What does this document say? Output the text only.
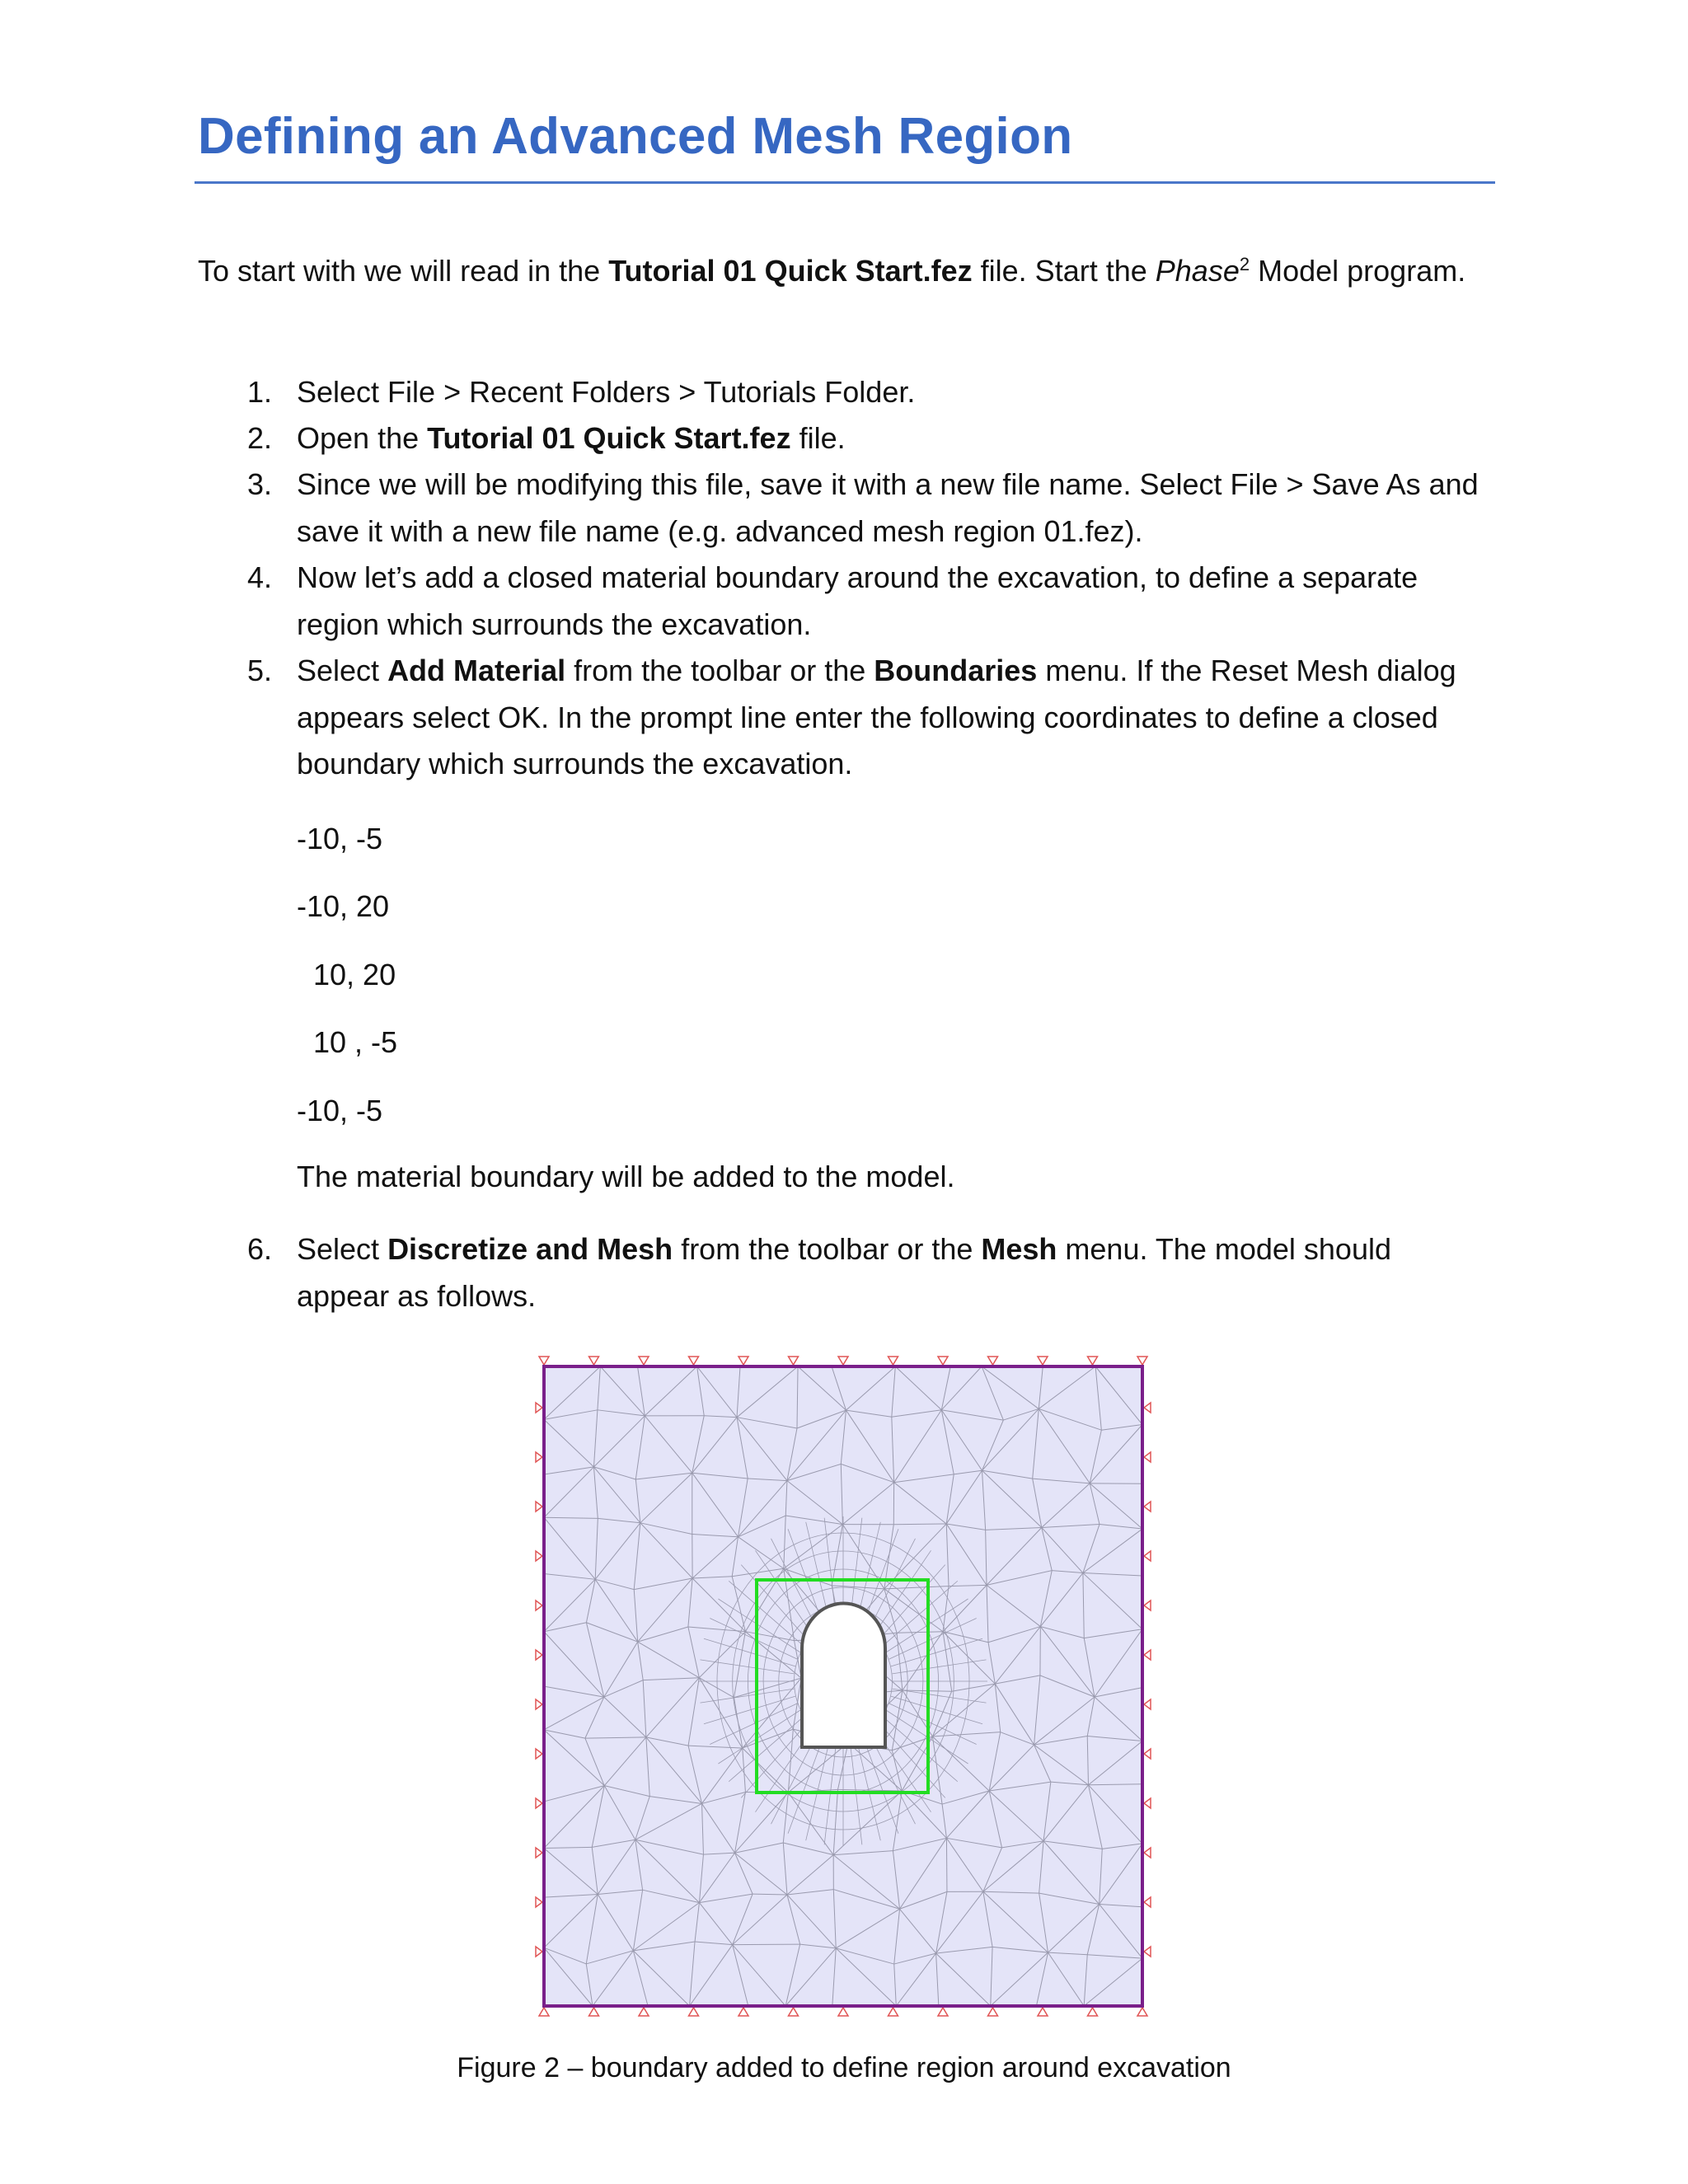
Defining an Advanced Mesh Region
To start with we will read in the Tutorial 01 Quick Start.fez file. Start the Phase$^2$ Model program.
1. Select File > Recent Folders > Tutorials Folder.
2. Open the Tutorial 01 Quick Start.fez file.
3. Since we will be modifying this file, save it with a new file name. Select File > Save As and save it with a new file name (e.g. advanced mesh region 01.fez).
4. Now let’s add a closed material boundary around the excavation, to define a separate region which surrounds the excavation.
5. Select Add Material from the toolbar or the Boundaries menu. If the Reset Mesh dialog appears select OK. In the prompt line enter the following coordinates to define a closed boundary which surrounds the excavation.
6. Select Discretize and Mesh from the toolbar or the Mesh menu. The model should appear as follows.
-10, -5
-10, 20
10, 20
10 , -5
-10, -5
The material boundary will be added to the model.
Figure 2 – boundary added to define region around excavation
